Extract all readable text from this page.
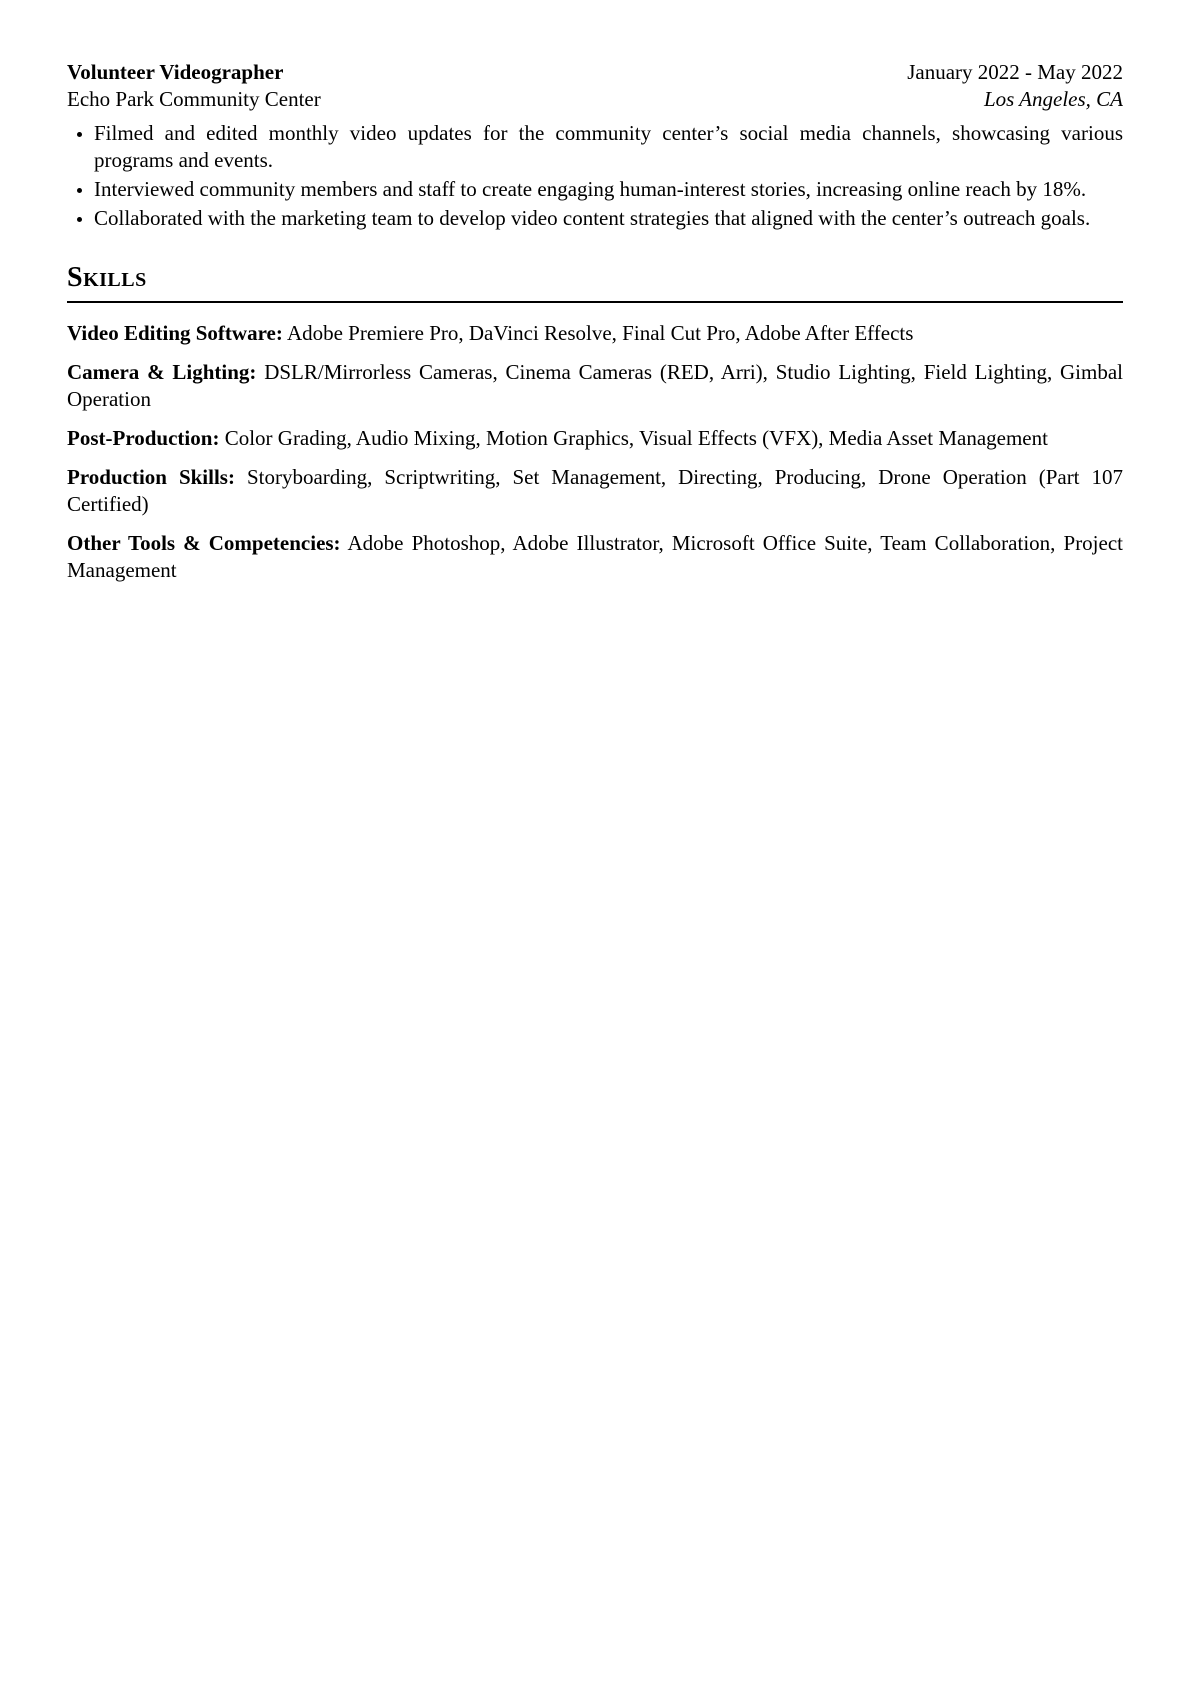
Volunteer Videographer	January 2022 - May 2022
Echo Park Community Center	Los Angeles, CA
• Filmed and edited monthly video updates for the community center’s social media channels, showcasing various programs and events.
• Interviewed community members and staff to create engaging human-interest stories, increasing online reach by 18%.
• Collaborated with the marketing team to develop video content strategies that aligned with the center’s outreach goals.
Skills

Video Editing Software: Adobe Premiere Pro, DaVinci Resolve, Final Cut Pro, Adobe After Effects

Camera & Lighting: DSLR/Mirrorless Cameras, Cinema Cameras (RED, Arri), Studio Lighting, Field Lighting, Gimbal Operation

Post-Production: Color Grading, Audio Mixing, Motion Graphics, Visual Effects (VFX), Media Asset Management

Production Skills: Storyboarding, Scriptwriting, Set Management, Directing, Producing, Drone Operation (Part 107 Certified)

Other Tools & Competencies: Adobe Photoshop, Adobe Illustrator, Microsoft Office Suite, Team Collaboration, Project Management
